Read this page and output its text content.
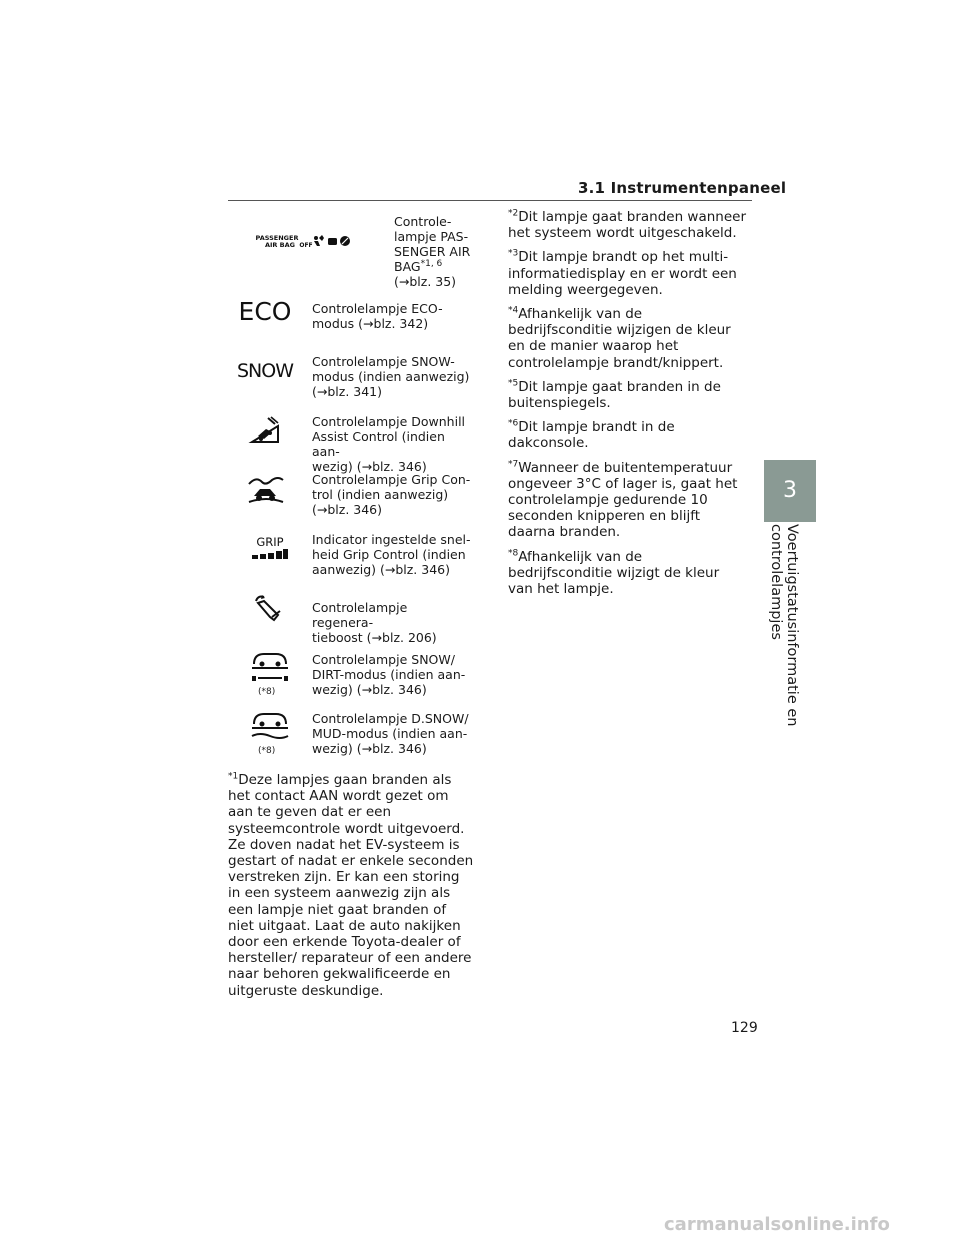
3.1 Instrumentenpaneel
3
Voertuigstatusinformatie en controlelampjes
PASSENGER
AIR BAG OFF
Controle-
lampje PAS-
SENGER AIR
BAG$^{*1, 6}$
(→blz. 35)
ECO Controlelampje ECO-
modus (→blz. 342)
SNOW Controlelampje SNOW-
modus (indien aanwezig)
(→blz. 341)
Controlelampje Downhill
Assist Control (indien aan-
wezig) (→blz. 346)
Controlelampje Grip Con-
trol (indien aanwezig)
(→blz. 346)
GRIP Indicator ingestelde snel-
heid Grip Control (indien
aanwezig) (→blz. 346)
Controlelampje regenera-
tieboost (→blz. 206)
(*8)
Controlelampje SNOW/
DIRT-modus (indien aan-
wezig) (→blz. 346)
(*8)
Controlelampje D.SNOW/
MUD-modus (indien aan-
wezig) (→blz. 346)

$^{*1}$Deze lampjes gaan branden als het contact AAN wordt gezet om aan te geven dat er een systeemcontrole wordt uitgevoerd. Ze doven nadat het EV-systeem is gestart of nadat er enkele seconden verstreken zijn. Er kan een storing in een systeem aanwezig zijn als een lampje niet gaat branden of niet uitgaat. Laat de auto nakijken door een erkende Toyota-dealer of hersteller/ reparateur of een andere naar behoren gekwalificeerde en uitgeruste deskundige.

$^{*2}$Dit lampje gaat branden wanneer het systeem wordt uitgeschakeld.

$^{*3}$Dit lampje brandt op het multi-informatiedisplay en er wordt een melding weergegeven.

$^{*4}$Afhankelijk van de bedrijfsconditie wijzigen de kleur en de manier waarop het controlelampje brandt/knippert.

$^{*5}$Dit lampje gaat branden in de buitenspiegels.

$^{*6}$Dit lampje brandt in de dakconsole.

$^{*7}$Wanneer de buitentemperatuur ongeveer 3°C of lager is, gaat het controlelampje gedurende 10 seconden knipperen en blijft daarna branden.

$^{*8}$Afhankelijk van de bedrijfsconditie wijzigt de kleur van het lampje.

129
carmanualsonline.info
